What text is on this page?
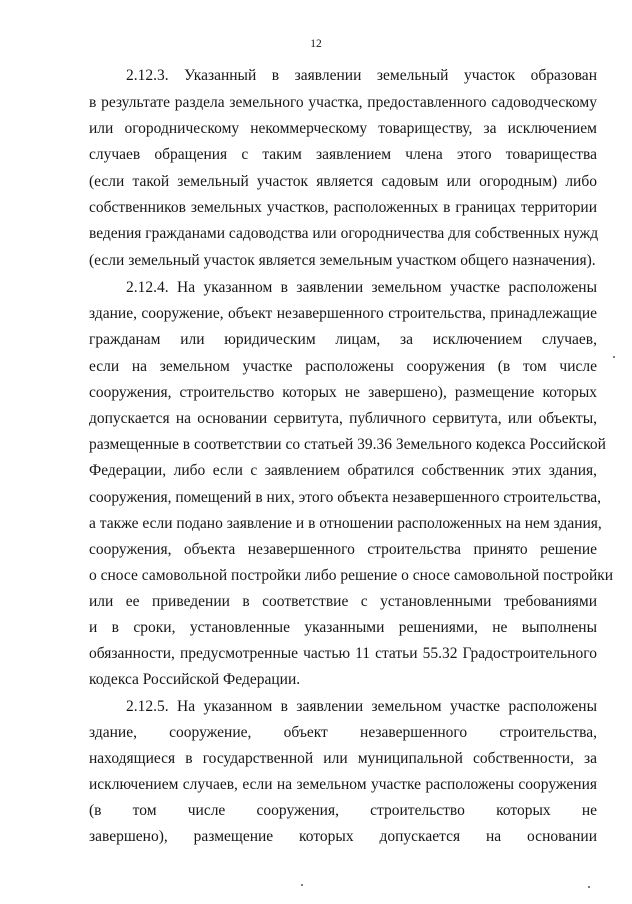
12
2.12.3. Указанный в заявлении земельный участок образован
в результате раздела земельного участка, предоставленного садоводческому
или огородническому некоммерческому товариществу, за исключением
случаев обращения с таким заявлением члена этого товарищества
(если такой земельный участок является садовым или огородным) либо
собственников земельных участков, расположенных в границах территории
ведения гражданами садоводства или огородничества для собственных нужд
(если земельный участок является земельным участком общего назначения).
2.12.4. На указанном в заявлении земельном участке расположены
здание, сооружение, объект незавершенного строительства, принадлежащие
гражданам или юридическим лицам, за исключением случаев,
если на земельном участке расположены сооружения (в том числе
сооружения, строительство которых не завершено), размещение которых
допускается на основании сервитута, публичного сервитута, или объекты,
размещенные в соответствии со статьей 39.36 Земельного кодекса Российской
Федерации, либо если с заявлением обратился собственник этих здания,
сооружения, помещений в них, этого объекта незавершенного строительства,
а также если подано заявление и в отношении расположенных на нем здания,
сооружения, объекта незавершенного строительства принято решение
о сносе самовольной постройки либо решение о сносе самовольной постройки
или ее приведении в соответствие с установленными требованиями
и в сроки, установленные указанными решениями, не выполнены
обязанности, предусмотренные частью 11 статьи 55.32 Градостроительного
кодекса Российской Федерации.
2.12.5. На указанном в заявлении земельном участке расположены
здание, сооружение, объект незавершенного строительства,
находящиеся в государственной или муниципальной собственности, за
исключением случаев, если на земельном участке расположены сооружения
(в том числе сооружения, строительство которых не
завершено), размещение которых допускается на основании
